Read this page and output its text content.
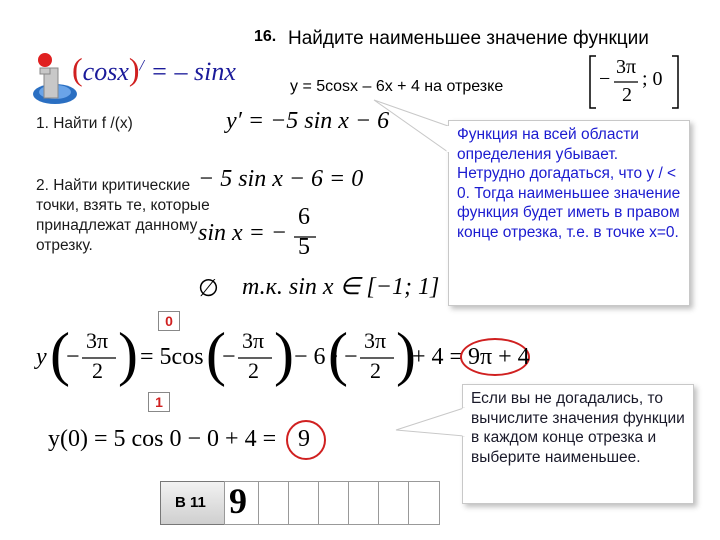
(cosx)/ = – sinx
16. Найдите наименьшее значение функции
y = 5cosx – 6x + 4 на отрезке	−
3π
2
; 0
1. Найти f /(x)	y′ = −5 sin x − 6
2. Найти критические точки, взять те, которые принадлежат данному отрезку.
− 5 sin x − 6 = 0
sin x = −
6
5
∅ т.к. sin x ∈ [−1; 1]
Функция на всей области определения убывает. Нетрудно догадаться, что y / < 0. Тогда наименьшее значение функция будет иметь в правом конце отрезка, т.е. в точке x=0.
0
y (
−
3π
2 ) = 5cos (
−
3π
2 ) − 6 ·
(
−
3π
2 )
+ 4 = 9π + 4
1
y(0) = 5 cos 0 − 0 + 4 = 9
Если вы не догадались, то вычислите значения функции в каждом конце отрезка и выберите наименьшее.
B 11 9
